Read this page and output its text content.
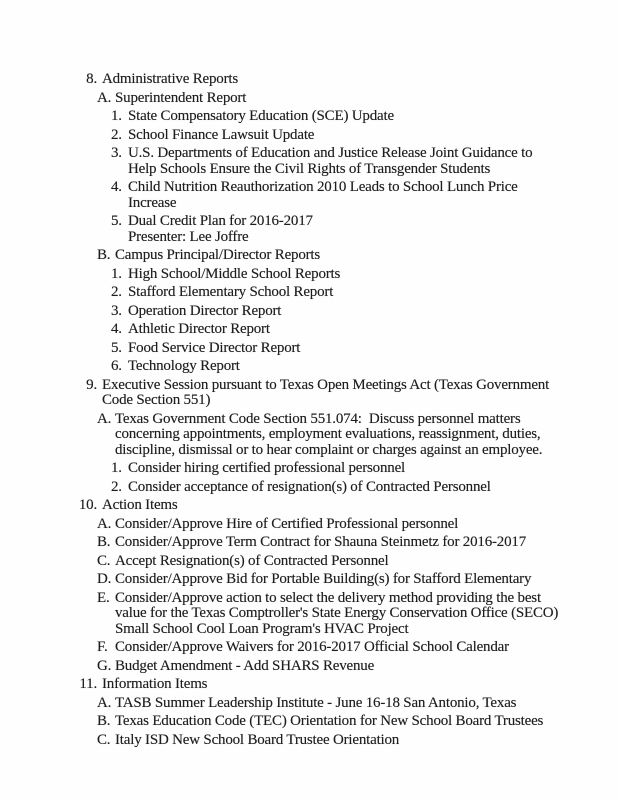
8. Administrative Reports
A. Superintendent Report
1. State Compensatory Education (SCE) Update
2. School Finance Lawsuit Update
3. U.S. Departments of Education and Justice Release Joint Guidance to Help Schools Ensure the Civil Rights of Transgender Students
4. Child Nutrition Reauthorization 2010 Leads to School Lunch Price Increase
5. Dual Credit Plan for 2016-2017
Presenter: Lee Joffre
B. Campus Principal/Director Reports
1. High School/Middle School Reports
2. Stafford Elementary School Report
3. Operation Director Report
4. Athletic Director Report
5. Food Service Director Report
6. Technology Report
9. Executive Session pursuant to Texas Open Meetings Act (Texas Government Code Section 551)
A. Texas Government Code Section 551.074:  Discuss personnel matters concerning appointments, employment evaluations, reassignment, duties, discipline, dismissal or to hear complaint or charges against an employee.
1. Consider hiring certified professional personnel
2. Consider acceptance of resignation(s) of Contracted Personnel
10. Action Items
A. Consider/Approve Hire of Certified Professional personnel
B. Consider/Approve Term Contract for Shauna Steinmetz for 2016-2017
C. Accept Resignation(s) of Contracted Personnel
D. Consider/Approve Bid for Portable Building(s) for Stafford Elementary
E. Consider/Approve action to select the delivery method providing the best value for the Texas Comptroller's State Energy Conservation Office (SECO) Small School Cool Loan Program's HVAC Project
F. Consider/Approve Waivers for 2016-2017 Official School Calendar
G. Budget Amendment - Add SHARS Revenue
11. Information Items
A. TASB Summer Leadership Institute - June 16-18 San Antonio, Texas
B. Texas Education Code (TEC) Orientation for New School Board Trustees
C. Italy ISD New School Board Trustee Orientation
